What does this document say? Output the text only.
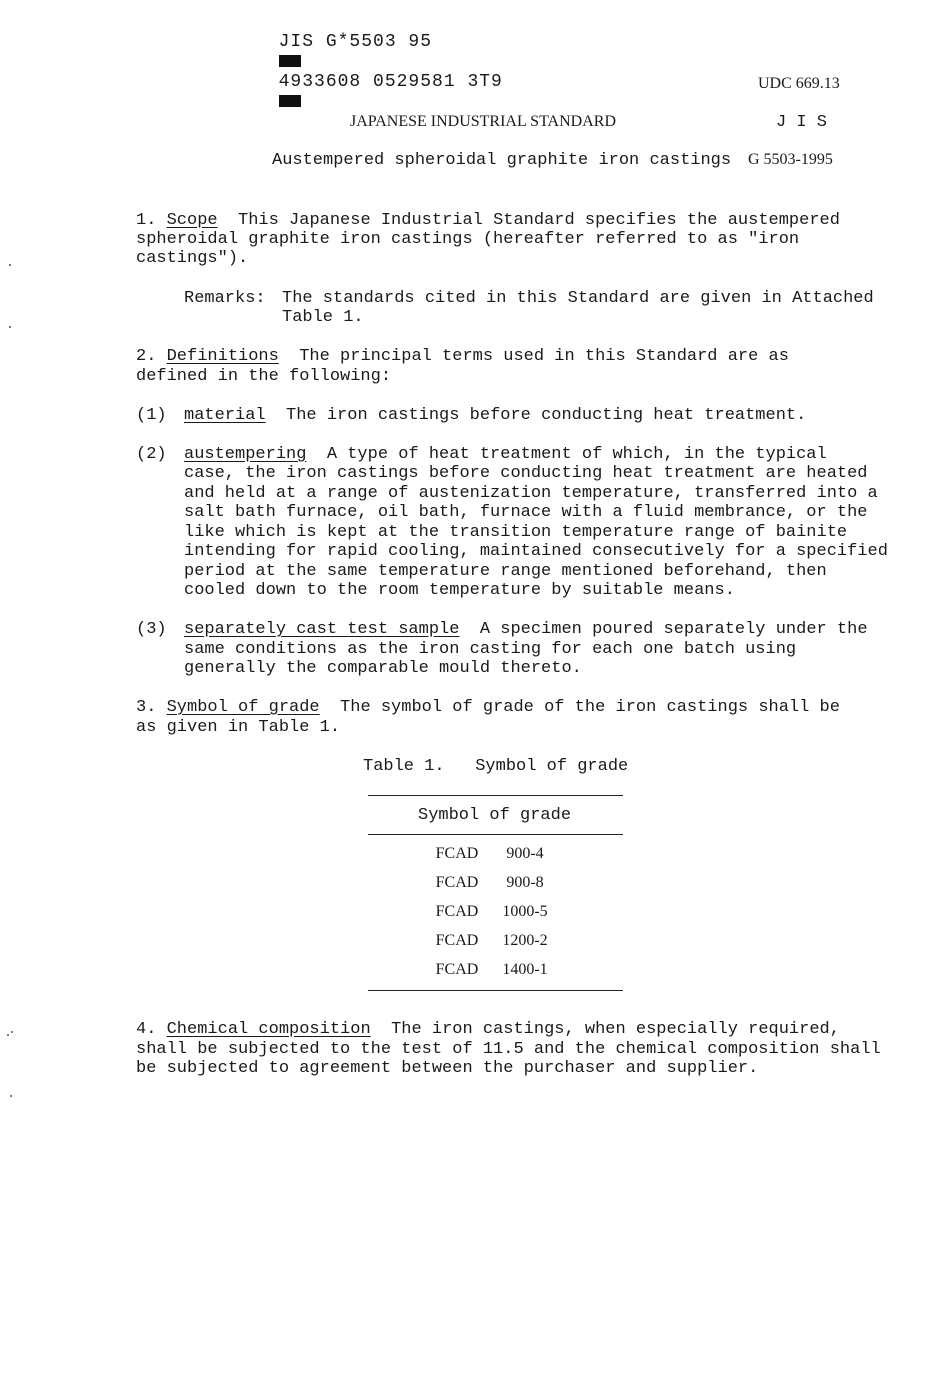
JIS G*5503 95

4933608 0529581 3T9
	UDC 669.13
JAPANESE INDUSTRIAL STANDARD	J I S
Austempered spheroidal graphite iron castings G 5503-1995
1. Scope This Japanese Industrial Standard specifies the austempered
spheroidal graphite iron castings (hereafter referred to as "iron
castings").
Remarks: The standards cited in this Standard are given in Attached
Table 1.
2. Definitions The principal terms used in this Standard are as
defined in the following:
(1) material The iron castings before conducting heat treatment.
(2) austempering A type of heat treatment of which, in the typical
case, the iron castings before conducting heat treatment are heated
and held at a range of austenization temperature, transferred into a
salt bath furnace, oil bath, furnace with a fluid membrance, or the
like which is kept at the transition temperature range of bainite
intending for rapid cooling, maintained consecutively for a specified
period at the same temperature range mentioned beforehand, then
cooled down to the room temperature by suitable means.
(3) separately cast test sample A specimen poured separately under the
same conditions as the iron casting for each one batch using
generally the comparable mould thereto.
3. Symbol of grade The symbol of grade of the iron castings shall be
as given in Table 1.
Table 1.   Symbol of grade
Symbol of grade
FCAD	900-4
FCAD	900-8
FCAD	1000-5
FCAD	1200-2
FCAD	1400-1
4. Chemical composition The iron castings, when especially required,
shall be subjected to the test of 11.5 and the chemical composition shall
be subjected to agreement between the purchaser and supplier.
